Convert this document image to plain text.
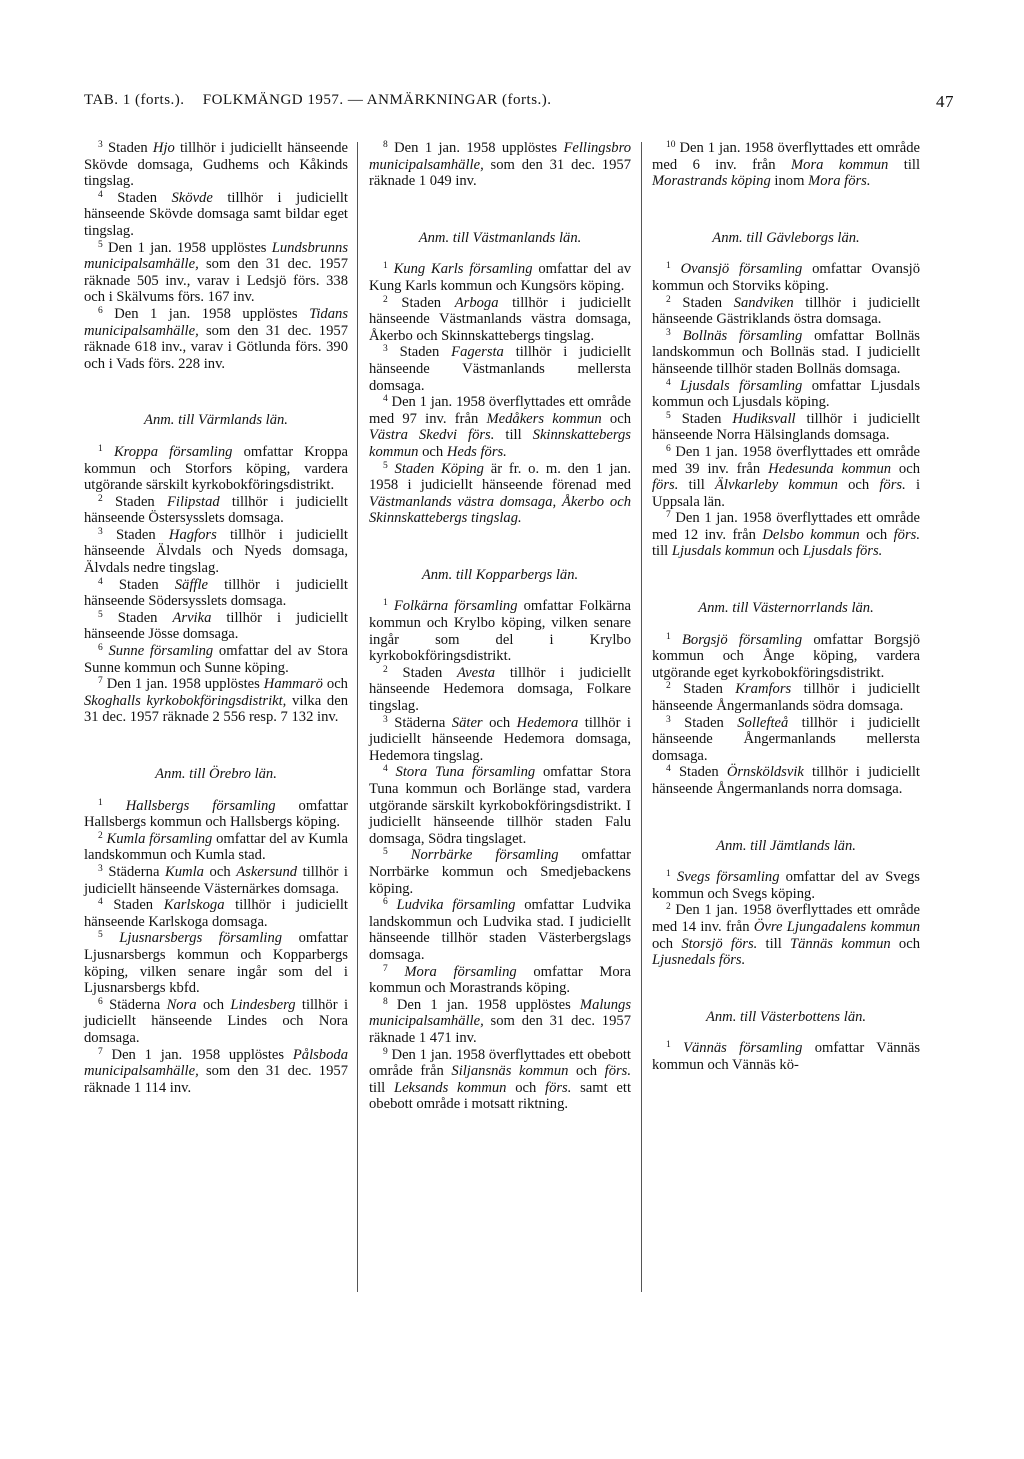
TAB. 1 (forts.). FOLKMÄNGD 1957. — ANMÄRKNINGAR (forts.).	47

$^3$ Staden Hjo tillhör i judiciellt hänseende Skövde domsaga, Gudhems och Kåkinds tingslag.

$^4$ Staden Skövde tillhör i judiciellt hänseende Skövde domsaga samt bildar eget tingslag.

$^5$ Den 1 jan. 1958 upplöstes Lundsbrunns municipalsamhälle, som den 31 dec. 1957 räknade 505 inv., varav i Ledsjö förs. 338 och i Skälvums förs. 167 inv.

$^6$ Den 1 jan. 1958 upplöstes Tidans municipalsamhälle, som den 31 dec. 1957 räknade 618 inv., varav i Götlunda förs. 390 och i Vads förs. 228 inv.

Anm. till Värmlands län.

$^1$ Kroppa församling omfattar Kroppa kommun och Storfors köping, vardera utgörande särskilt kyrkobokföringsdistrikt.

$^2$ Staden Filipstad tillhör i judiciellt hänseende Östersysslets domsaga.

$^3$ Staden Hagfors tillhör i judiciellt hänseende Älvdals och Nyeds domsaga, Älvdals nedre tingslag.

$^4$ Staden Säffle tillhör i judiciellt hänseende Södersysslets domsaga.

$^5$ Staden Arvika tillhör i judiciellt hänseende Jösse domsaga.

$^6$ Sunne församling omfattar del av Stora Sunne kommun och Sunne köping.

$^7$ Den 1 jan. 1958 upplöstes Hammarö och Skoghalls kyrkobokföringsdistrikt, vilka den 31 dec. 1957 räknade 2 556 resp. 7 132 inv.

Anm. till Örebro län.

$^1$ Hallsbergs församling omfattar Hallsbergs kommun och Hallsbergs köping.

$^2$ Kumla församling omfattar del av Kumla landskommun och Kumla stad.

$^3$ Städerna Kumla och Askersund tillhör i judiciellt hänseende Västernärkes domsaga.

$^4$ Staden Karlskoga tillhör i judiciellt hänseende Karlskoga domsaga.

$^5$ Ljusnarsbergs församling omfattar Ljusnarsbergs kommun och Kopparbergs köping, vilken senare ingår som del i Ljusnarsbergs kbfd.

$^6$ Städerna Nora och Lindesberg tillhör i judiciellt hänseende Lindes och Nora domsaga.

$^7$ Den 1 jan. 1958 upplöstes Pålsboda municipalsamhälle, som den 31 dec. 1957 räknade 1 114 inv.

$^8$ Den 1 jan. 1958 upplöstes Fellingsbro municipalsamhälle, som den 31 dec. 1957 räknade 1 049 inv.

Anm. till Västmanlands län.

$^1$ Kung Karls församling omfattar del av Kung Karls kommun och Kungsörs köping.

$^2$ Staden Arboga tillhör i judiciellt hänseende Västmanlands västra domsaga, Åkerbo och Skinnskattebergs tingslag.

$^3$ Staden Fagersta tillhör i judiciellt hänseende Västmanlands mellersta domsaga.

$^4$ Den 1 jan. 1958 överflyttades ett område med 97 inv. från Medåkers kommun och Västra Skedvi förs. till Skinnskattebergs kommun och Heds förs.

$^5$ Staden Köping är fr. o. m. den 1 jan. 1958 i judiciellt hänseende förenad med Västmanlands västra domsaga, Åkerbo och Skinnskattebergs tingslag.

Anm. till Kopparbergs län.

$^1$ Folkärna församling omfattar Folkärna kommun och Krylbo köping, vilken senare ingår som del i Krylbo kyrkobokföringsdistrikt.

$^2$ Staden Avesta tillhör i judiciellt hänseende Hedemora domsaga, Folkare tingslag.

$^3$ Städerna Säter och Hedemora tillhör i judiciellt hänseende Hedemora domsaga, Hedemora tingslag.

$^4$ Stora Tuna församling omfattar Stora Tuna kommun och Borlänge stad, vardera utgörande särskilt kyrkobokföringsdistrikt. I judiciellt hänseende tillhör staden Falu domsaga, Södra tingslaget.

$^5$ Norrbärke församling omfattar Norrbärke kommun och Smedjebackens köping.

$^6$ Ludvika församling omfattar Ludvika landskommun och Ludvika stad. I judiciellt hänseende tillhör staden Västerbergslags domsaga.

$^7$ Mora församling omfattar Mora kommun och Morastrands köping.

$^8$ Den 1 jan. 1958 upplöstes Malungs municipalsamhälle, som den 31 dec. 1957 räknade 1 471 inv.

$^9$ Den 1 jan. 1958 överflyttades ett obebott område från Siljansnäs kommun och förs. till Leksands kommun och förs. samt ett obebott område i motsatt riktning.

$^{10}$ Den 1 jan. 1958 överflyttades ett område med 6 inv. från Mora kommun till Morastrands köping inom Mora förs.

Anm. till Gävleborgs län.

$^1$ Ovansjö församling omfattar Ovansjö kommun och Storviks köping.

$^2$ Staden Sandviken tillhör i judiciellt hänseende Gästriklands östra domsaga.

$^3$ Bollnäs församling omfattar Bollnäs landskommun och Bollnäs stad. I judiciellt hänseende tillhör staden Bollnäs domsaga.

$^4$ Ljusdals församling omfattar Ljusdals kommun och Ljusdals köping.

$^5$ Staden Hudiksvall tillhör i judiciellt hänseende Norra Hälsinglands domsaga.

$^6$ Den 1 jan. 1958 överflyttades ett område med 39 inv. från Hedesunda kommun och förs. till Älvkarleby kommun och förs. i Uppsala län.

$^7$ Den 1 jan. 1958 överflyttades ett område med 12 inv. från Delsbo kommun och förs. till Ljusdals kommun och Ljusdals förs.

Anm. till Västernorrlands län.

$^1$ Borgsjö församling omfattar Borgsjö kommun och Ånge köping, vardera utgörande eget kyrkobokföringsdistrikt.

$^2$ Staden Kramfors tillhör i judiciellt hänseende Ångermanlands södra domsaga.

$^3$ Staden Sollefteå tillhör i judiciellt hänseende Ångermanlands mellersta domsaga.

$^4$ Staden Örnsköldsvik tillhör i judiciellt hänseende Ångermanlands norra domsaga.

Anm. till Jämtlands län.

$^1$ Svegs församling omfattar del av Svegs kommun och Svegs köping.

$^2$ Den 1 jan. 1958 överflyttades ett område med 14 inv. från Övre Ljungadalens kommun och Storsjö förs. till Tännäs kommun och Ljusnedals förs.

Anm. till Västerbottens län.

$^1$ Vännäs församling omfattar Vännäs kommun och Vännäs kö-
